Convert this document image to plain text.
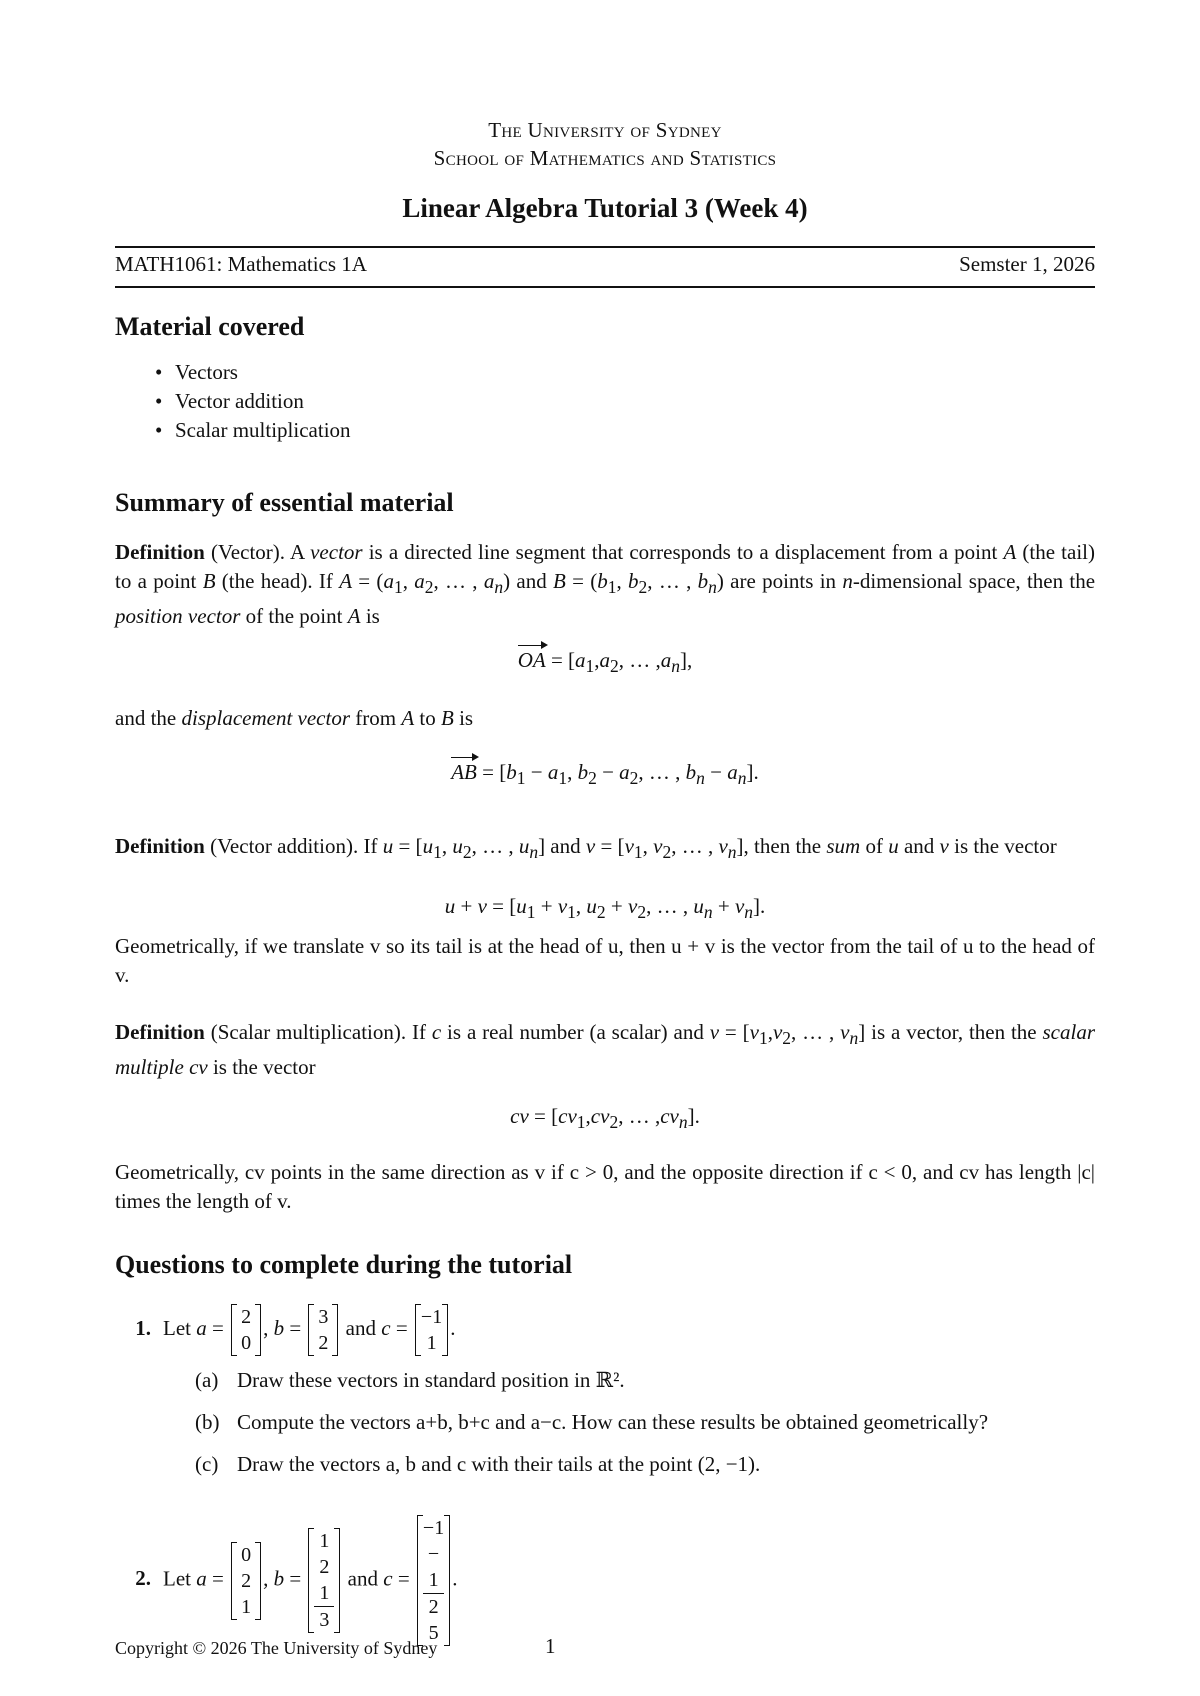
The University of Sydney
School of Mathematics and Statistics
Linear Algebra Tutorial 3 (Week 4)
MATH1061: Mathematics 1A	Semster 1, 2026
Material covered
• Vectors
• Vector addition
• Scalar multiplication
Summary of essential material
Definition (Vector). A vector is a directed line segment that corresponds to a displacement from a point A (the tail) to a point B (the head). If $A = (a_1$, $a_2$, … , $a_n$) and $B = (b_1$, $b_2$, … , $b_n$) are points in n-dimensional space, then the position vector of the point A is
OA = [$a_1,a_2$, … $,a_n$],
and the displacement vector from A to B is
AB = [$b_1 - a_1$, $b_2 - a_2$, … , $b_n - a_n$].
Definition (Vector addition). If $u = [u_1$, $u_2$, … , $u_n$] and $v = [v_1$, $v_2$, … , $v_n$], then the sum of u and v is the vector
$u + v = [u_1 + v_1$, $u_2 + v_2$, … , $u_n + v_n$].
Geometrically, if we translate v so its tail is at the head of u, then u + v is the vector from the tail of u to the head of v.
Definition (Scalar multiplication). If c is a real number (a scalar) and $v = [v_1,v_2$, … , $v_n$] is a vector, then the scalar multiple cv is the vector
cv = [$cv_1,cv_2$, … $,cv_n$].
Geometrically, cv points in the same direction as v if c > 0, and the opposite direction if c < 0, and cv has length |c| times the length of v.
Questions to complete during the tutorial
1. Let a = 2
0
, b = 3
2
and c = −1
1
.
(a) Draw these vectors in standard position in ℝ².
(b) Compute the vectors a+b, b+c and a−c. How can these results be obtained geometrically?
(c) Draw the vectors a, b and c with their tails at the point (2, −1).
2. Let a =
0
2
1
, b =
1
2
1
3
and c =
−1
−
1
2
5
.
Copyright © 2026 The University of Sydney	1
